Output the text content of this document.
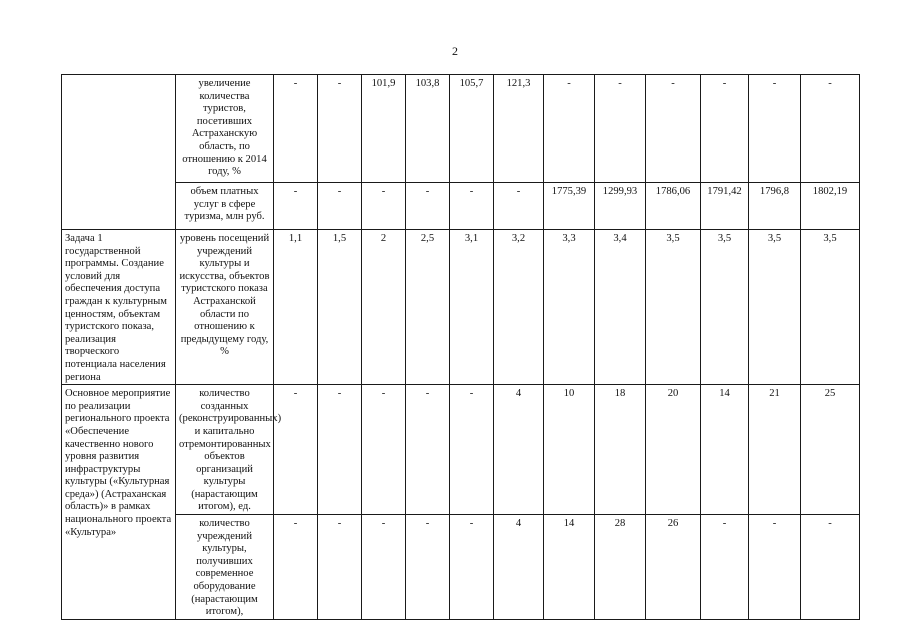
2
	увеличение количества туристов, посетивших Астраханскую область, по отношению к 2014 году, %	-	-	101,9	103,8	105,7	121,3	-	-	-	-	-	-
	объем платных услуг в сфере туризма, млн руб.	-	-	-	-	-	-	1775,39	1299,93	1786,06	1791,42	1796,8	1802,19
Задача 1 государственной программы. Создание условий для обеспечения доступа граждан к культурным ценностям, объектам туристского показа, реализация творческого потенциала населения региона	уровень посещений учреждений культуры и искусства, объектов туристского показа Астраханской области по отношению к предыдущему году, %	1,1	1,5	2	2,5	3,1	3,2	3,3	3,4	3,5	3,5	3,5	3,5
Основное мероприятие по реализации регионального проекта «Обеспечение качественно нового уровня развития инфраструктуры культуры («Культурная среда») (Астраханская область)» в рамках национального проекта «Культура»	количество созданных (реконструированных) и капитально отремонтированных объектов организаций культуры (нарастающим итогом), ед.	-	-	-	-	-	4	10	18	20	14	21	25
	количество учреждений культуры, получивших современное оборудование (нарастающим итогом),	-	-	-	-	-	4	14	28	26	-	-	-
